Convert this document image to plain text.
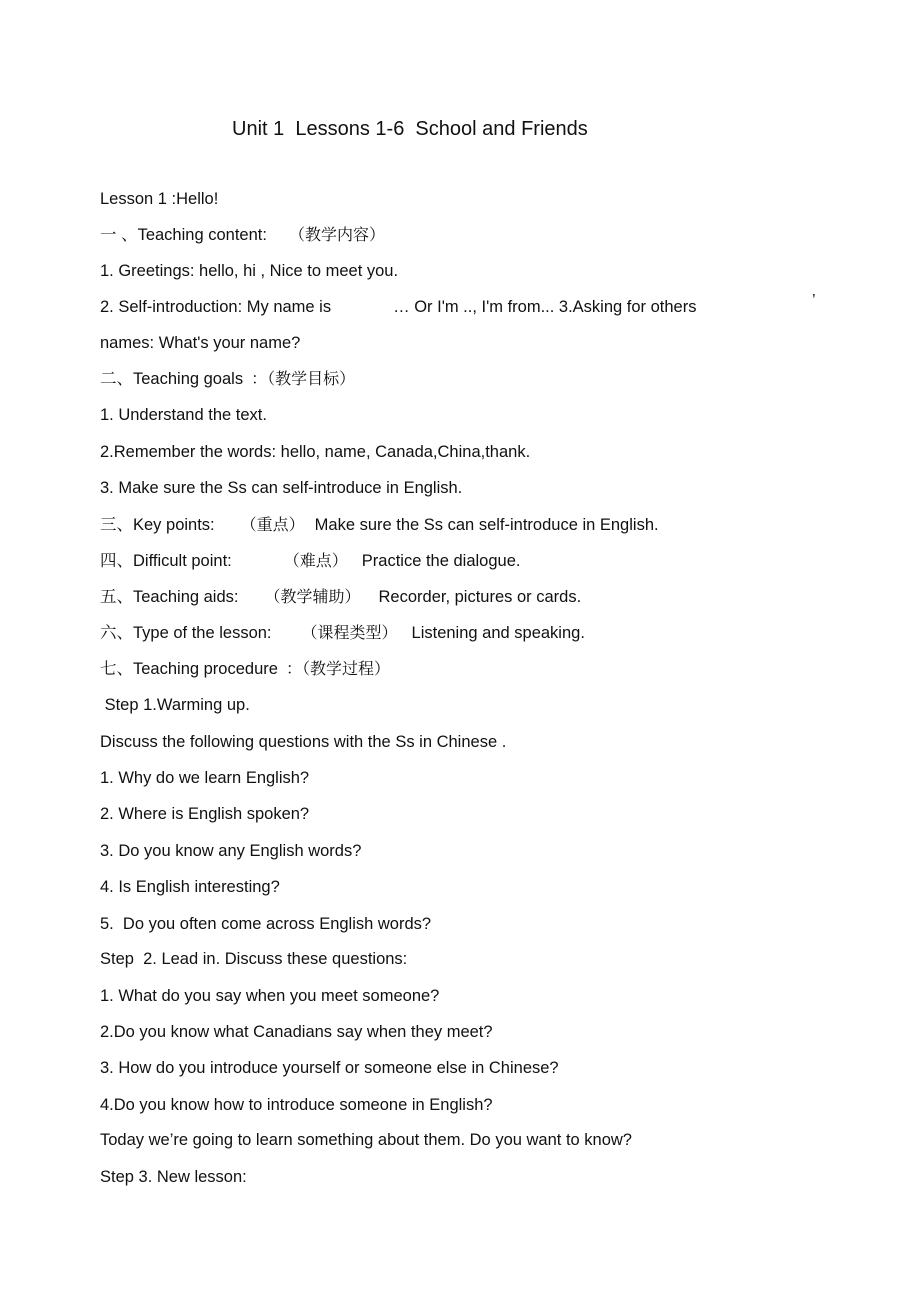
Unit 1  Lessons 1-6  School and Friends
Lesson 1 :Hello!
一 、Teaching content: （教学内容）
1. Greetings: hello, hi , Nice to meet you.
2. Self-introduction: My name is	… Or I'm .., I'm from... 3.Asking for others	’
names: What's your name?
二、Teaching goals ：（教学目标）
1. Understand the text.
2.Remember the words: hello, name, Canada,China,thank.
3. Make sure the Ss can self-introduce in English.
三、Key points: （重点） Make sure the Ss can self-introduce in English.
四、Difficult point:	（难点） Practice the dialogue.
五、Teaching aids: （教学辅助） Recorder, pictures or cards.
六、Type of the lesson: （课程类型） Listening and speaking.
七、Teaching procedure ：（教学过程）
Step 1.Warming up.
Discuss the following questions with the Ss in Chinese .
1. Why do we learn English?
2. Where is English spoken?
3. Do you know any English words?
4. Is English interesting?
5.  Do you often come across English words?
Step  2. Lead in. Discuss these questions:
1. What do you say when you meet someone?
2.Do you know what Canadians say when they meet?
3. How do you introduce yourself or someone else in Chinese?
4.Do you know how to introduce someone in English?
Today we’re going to learn something about them. Do you want to know?
Step 3. New lesson:
